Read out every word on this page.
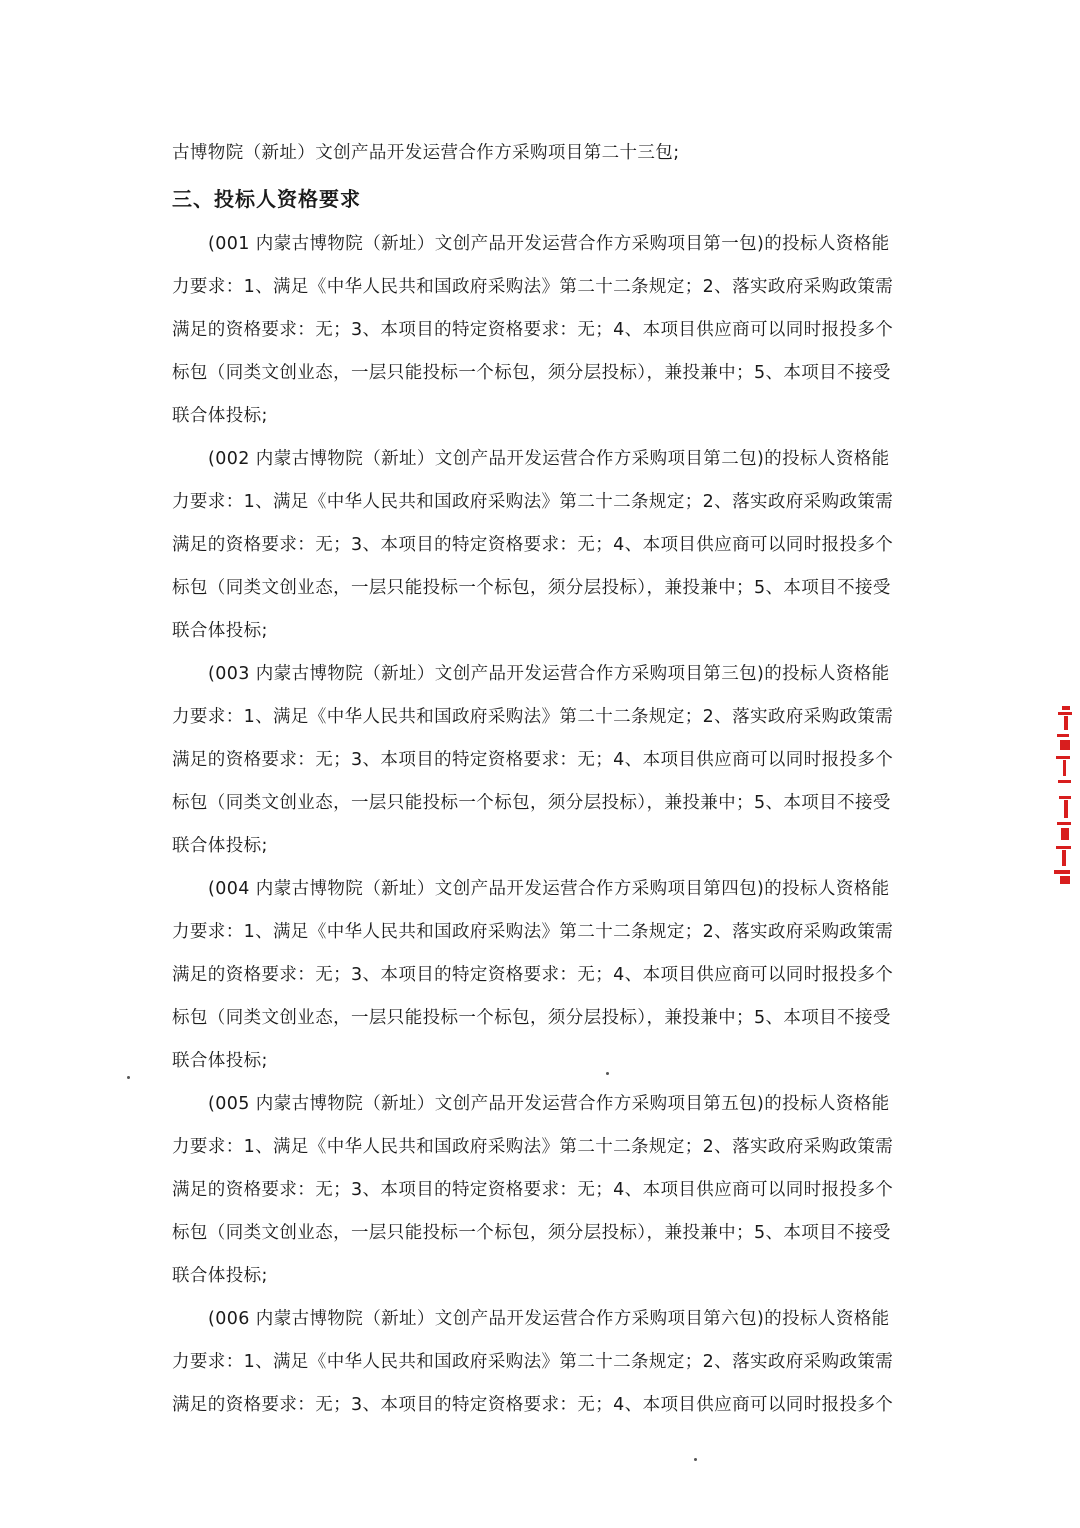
古博物院（新址）文创产品开发运营合作方采购项目第二十三包;

三、投标人资格要求

(001 内蒙古博物院（新址）文创产品开发运营合作方采购项目第一包)的投标人资格能

力要求：1、满足《中华人民共和国政府采购法》第二十二条规定；2、落实政府采购政策需

满足的资格要求：无；3、本项目的特定资格要求：无；4、本项目供应商可以同时报投多个

标包（同类文创业态，一层只能投标一个标包，须分层投标），兼投兼中；5、本项目不接受

联合体投标;

(002 内蒙古博物院（新址）文创产品开发运营合作方采购项目第二包)的投标人资格能

力要求：1、满足《中华人民共和国政府采购法》第二十二条规定；2、落实政府采购政策需

满足的资格要求：无；3、本项目的特定资格要求：无；4、本项目供应商可以同时报投多个

标包（同类文创业态，一层只能投标一个标包，须分层投标），兼投兼中；5、本项目不接受

联合体投标;

(003 内蒙古博物院（新址）文创产品开发运营合作方采购项目第三包)的投标人资格能

力要求：1、满足《中华人民共和国政府采购法》第二十二条规定；2、落实政府采购政策需

满足的资格要求：无；3、本项目的特定资格要求：无；4、本项目供应商可以同时报投多个

标包（同类文创业态，一层只能投标一个标包，须分层投标），兼投兼中；5、本项目不接受

联合体投标;

(004 内蒙古博物院（新址）文创产品开发运营合作方采购项目第四包)的投标人资格能

力要求：1、满足《中华人民共和国政府采购法》第二十二条规定；2、落实政府采购政策需

满足的资格要求：无；3、本项目的特定资格要求：无；4、本项目供应商可以同时报投多个

标包（同类文创业态，一层只能投标一个标包，须分层投标），兼投兼中；5、本项目不接受

联合体投标;

(005 内蒙古博物院（新址）文创产品开发运营合作方采购项目第五包)的投标人资格能

力要求：1、满足《中华人民共和国政府采购法》第二十二条规定；2、落实政府采购政策需

满足的资格要求：无；3、本项目的特定资格要求：无；4、本项目供应商可以同时报投多个

标包（同类文创业态，一层只能投标一个标包，须分层投标），兼投兼中；5、本项目不接受

联合体投标;

(006 内蒙古博物院（新址）文创产品开发运营合作方采购项目第六包)的投标人资格能

力要求：1、满足《中华人民共和国政府采购法》第二十二条规定；2、落实政府采购政策需

满足的资格要求：无；3、本项目的特定资格要求：无；4、本项目供应商可以同时报投多个
